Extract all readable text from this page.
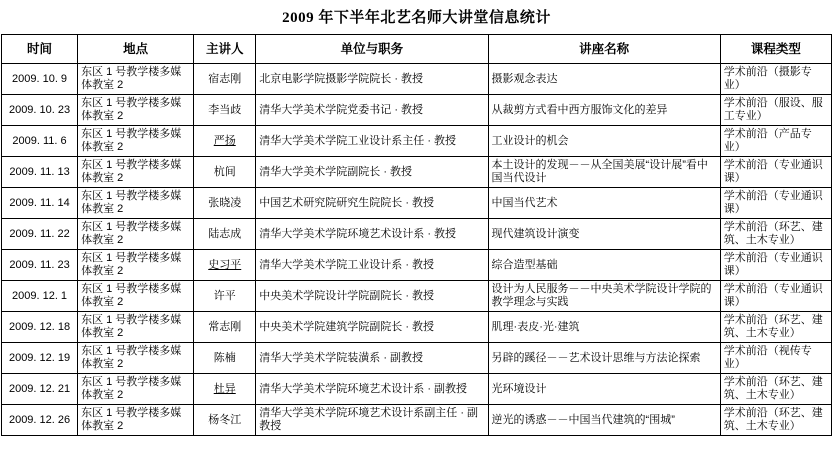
2009 年下半年北艺名师大讲堂信息统计
时间	地点	主讲人	单位与职务	讲座名称	课程类型
2009. 10. 9	东区 1 号教学楼多媒体教室 2	宿志刚	北京电影学院摄影学院院长 · 教授	摄影观念表达	学术前沿（摄影专业）
2009. 10. 23	东区 1 号教学楼多媒体教室 2	李当歧	清华大学美术学院党委书记 · 教授	从裁剪方式看中西方服饰文化的差异	学术前沿（服设、服工专业）
2009. 11. 6	东区 1 号教学楼多媒体教室 2	严扬	清华大学美术学院工业设计系主任 · 教授	工业设计的机会	学术前沿（产品专业）
2009. 11. 13	东区 1 号教学楼多媒体教室 2	杭间	清华大学美术学院副院长 · 教授	本土设计的发现－－从全国美展“设计展”看中国当代设计	学术前沿（专业通识课）
2009. 11. 14	东区 1 号教学楼多媒体教室 2	张晓凌	中国艺术研究院研究生院院长 · 教授	中国当代艺术	学术前沿（专业通识课）
2009. 11. 22	东区 1 号教学楼多媒体教室 2	陆志成	清华大学美术学院环境艺术设计系 · 教授	现代建筑设计演变	学术前沿（环艺、建筑、土木专业）
2009. 11. 23	东区 1 号教学楼多媒体教室 2	史习平	清华大学美术学院工业设计系 · 教授	综合造型基础	学术前沿（专业通识课）
2009. 12. 1	东区 1 号教学楼多媒体教室 2	许平	中央美术学院设计学院副院长 · 教授	设计为人民服务－－中央美术学院设计学院的教学理念与实践	学术前沿（专业通识课）
2009. 12. 18	东区 1 号教学楼多媒体教室 2	常志刚	中央美术学院建筑学院副院长 · 教授	肌理·表皮·光·建筑	学术前沿（环艺、建筑、土木专业）
2009. 12. 19	东区 1 号教学楼多媒体教室 2	陈楠	清华大学美术学院装潢系 · 副教授	另辟的蹊径－－艺术设计思维与方法论探索	学术前沿（视传专业）
2009. 12. 21	东区 1 号教学楼多媒体教室 2	杜异	清华大学美术学院环境艺术设计系 · 副教授	光环境设计	学术前沿（环艺、建筑、土木专业）
2009. 12. 26	东区 1 号教学楼多媒体教室 2	杨冬江	清华大学美术学院环境艺术设计系副主任 · 副教授	逆光的诱惑－－中国当代建筑的“围城”	学术前沿（环艺、建筑、土木专业）
